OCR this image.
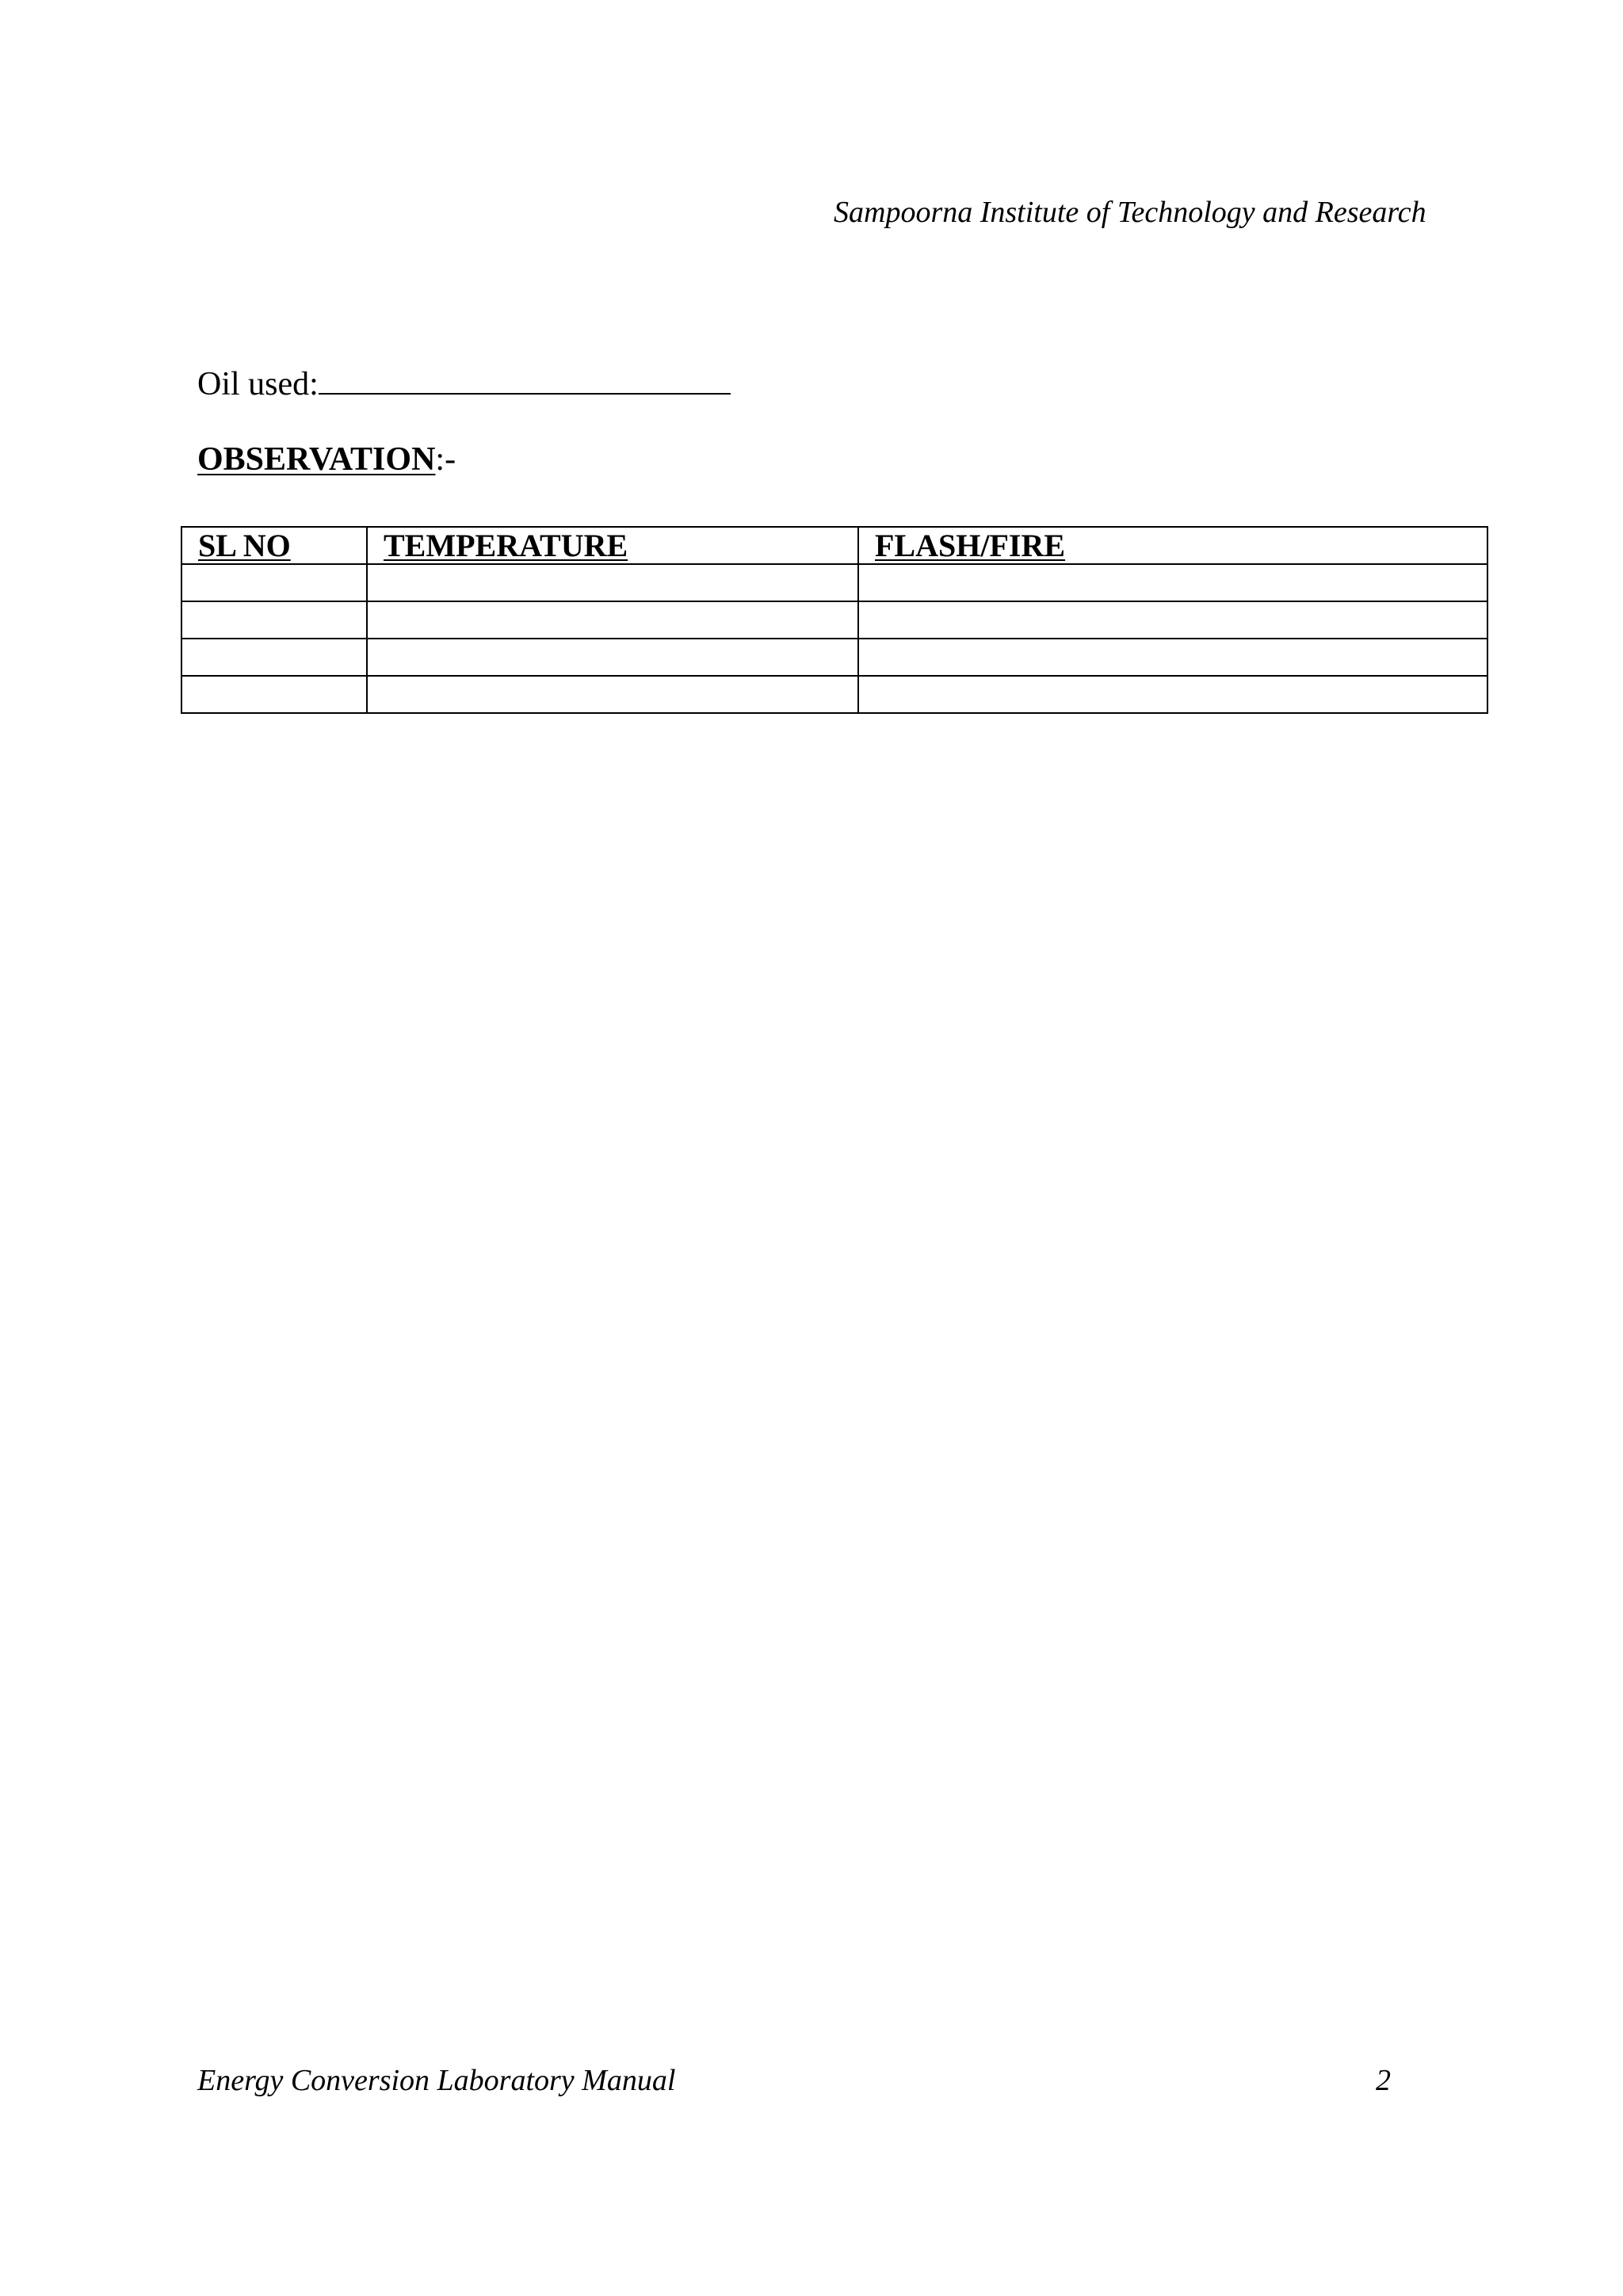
Sampoorna Institute of Technology and Research
Oil used:
OBSERVATION:-
SL NO	TEMPERATURE	FLASH/FIRE

Energy Conversion Laboratory Manual	2
